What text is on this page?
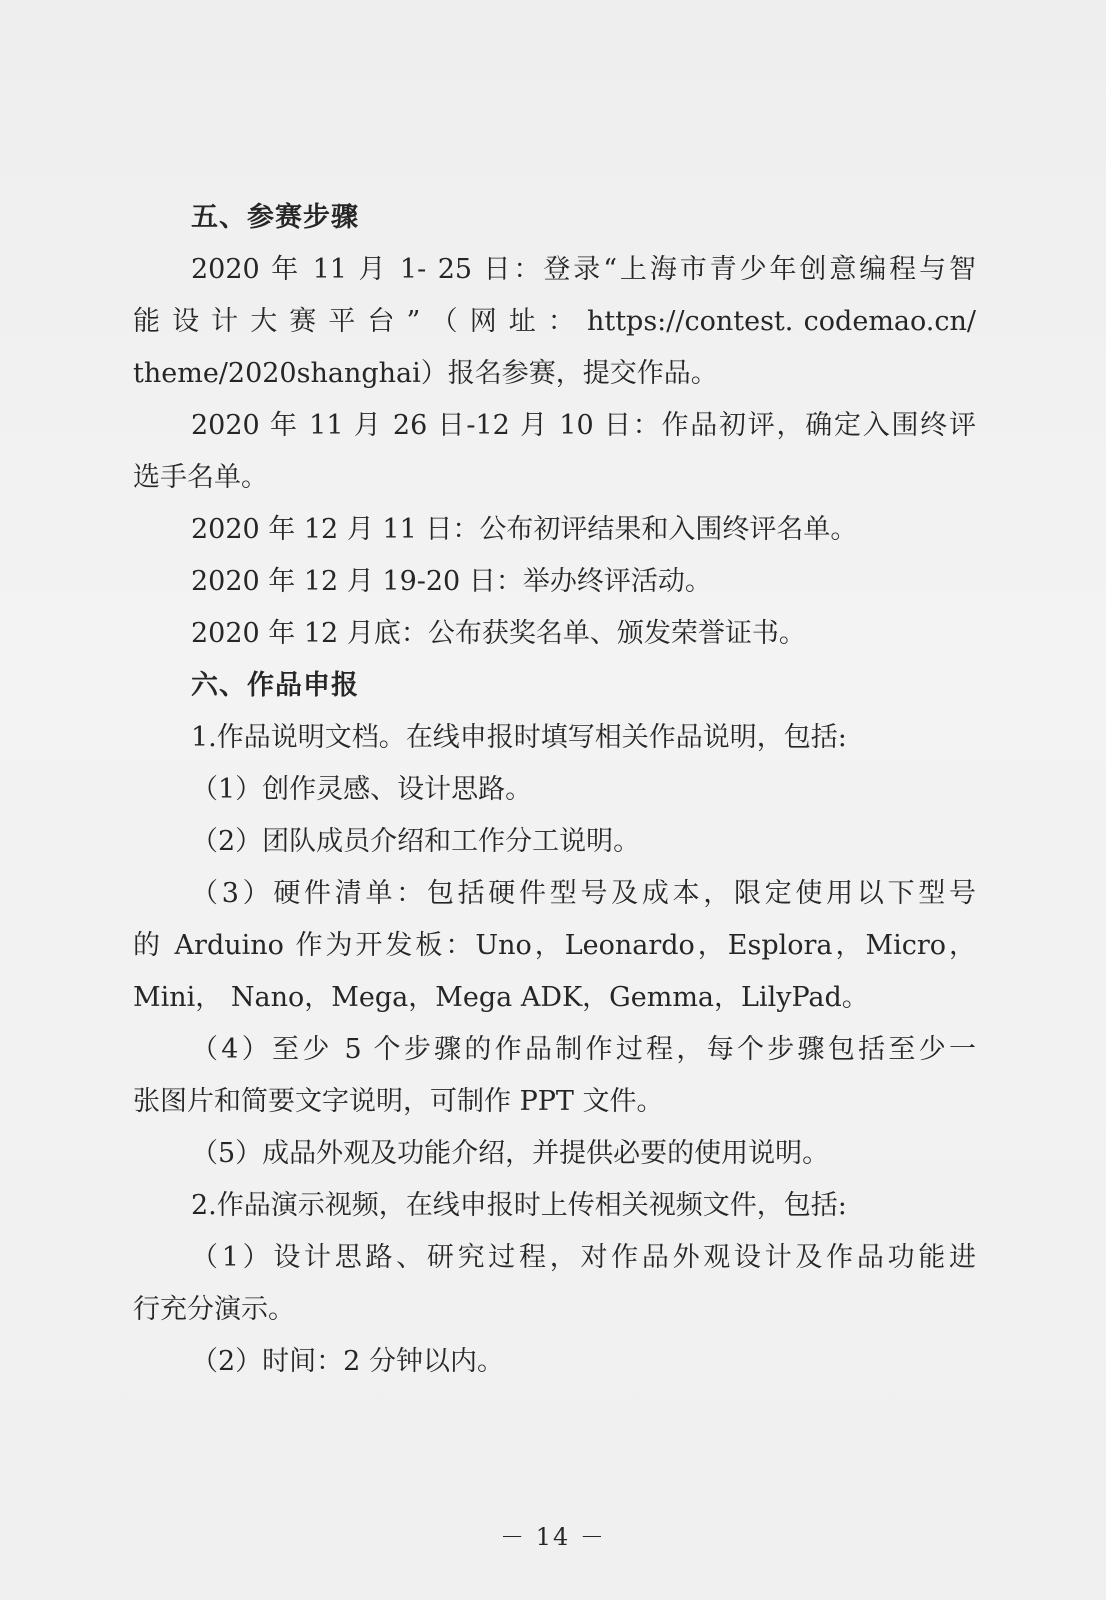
五、参赛步骤

2020 年 11 月 1- 25 日：登录“上海市青少年创意编程与智

能 设 计 大 赛 平 台 ” （ 网 址 ： https://contest. codemao.cn/

theme/2020shanghai）报名参赛，提交作品。

2020 年 11 月 26 日-12 月 10 日：作品初评，确定入围终评

选手名单。

2020 年 12 月 11 日：公布初评结果和入围终评名单。

2020 年 12 月 19-20 日：举办终评活动。

2020 年 12 月底：公布获奖名单、颁发荣誉证书。

六、作品申报

1.作品说明文档。在线申报时填写相关作品说明，包括:

（1）创作灵感、设计思路。

（2）团队成员介绍和工作分工说明。

（3）硬件清单：包括硬件型号及成本，限定使用以下型号

的 Arduino 作为开发板：Uno，Leonardo，Esplora，Micro，

Mini， Nano，Mega，Mega ADK，Gemma，LilyPad。

（4）至少 5 个步骤的作品制作过程，每个步骤包括至少一

张图片和简要文字说明，可制作 PPT 文件。

（5）成品外观及功能介绍，并提供必要的使用说明。

2.作品演示视频，在线申报时上传相关视频文件，包括:

（1）设计思路、研究过程，对作品外观设计及作品功能进

行充分演示。

（2）时间：2 分钟以内。

－ 14 －
